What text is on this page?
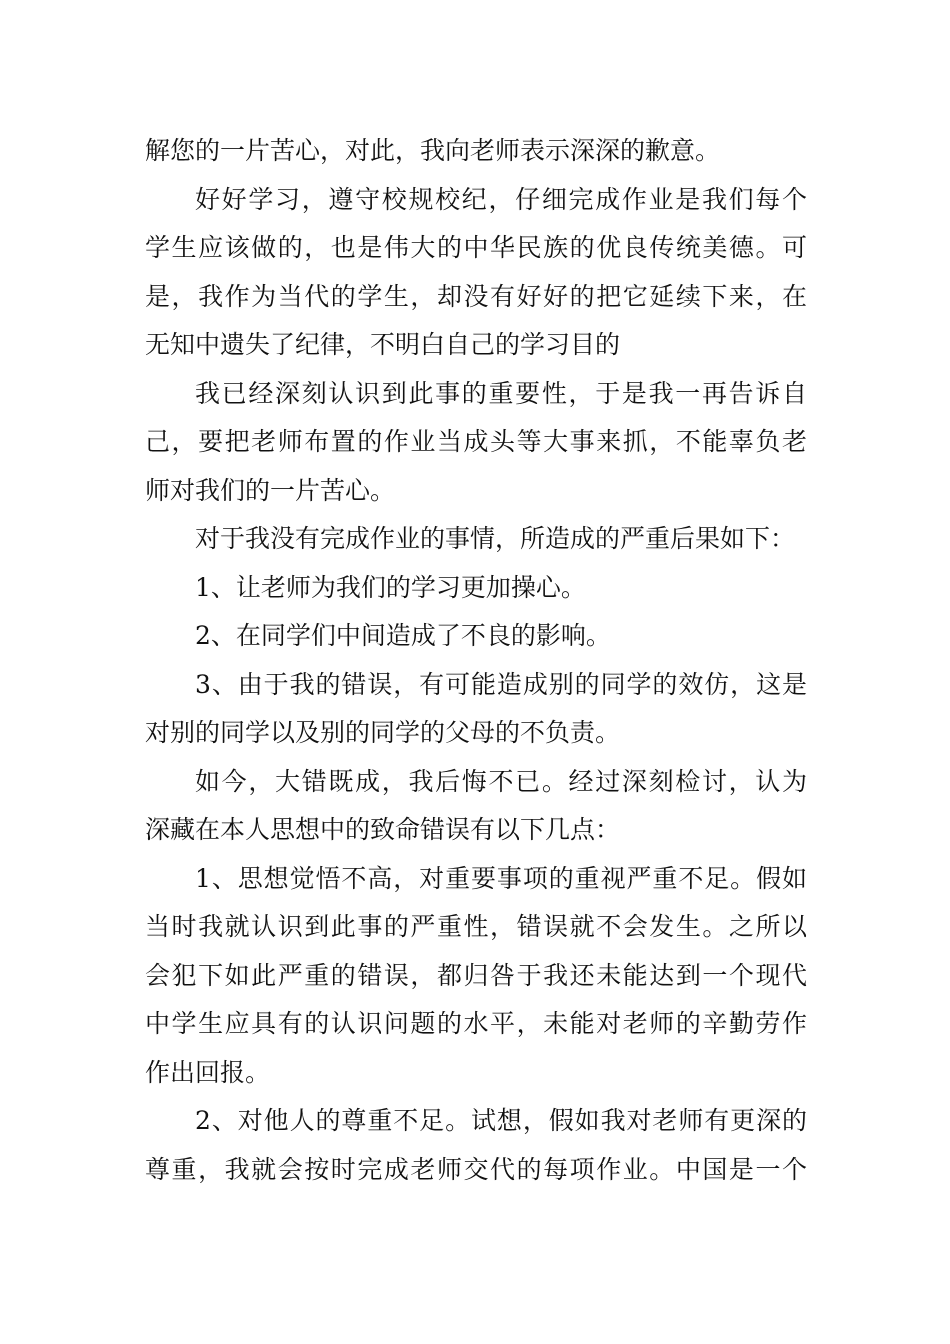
解您的一片苦心，对此，我向老师表示深深的歉意。

好好学习，遵守校规校纪，仔细完成作业是我们每个
学生应该做的，也是伟大的中华民族的优良传统美德。可
是，我作为当代的学生，却没有好好的把它延续下来，在
无知中遗失了纪律，不明白自己的学习目的

我已经深刻认识到此事的重要性，于是我一再告诉自
己，要把老师布置的作业当成头等大事来抓，不能辜负老
师对我们的一片苦心。

对于我没有完成作业的事情，所造成的严重后果如下：

1、让老师为我们的学习更加操心。

2、在同学们中间造成了不良的影响。

3、由于我的错误，有可能造成别的同学的效仿，这是
对别的同学以及别的同学的父母的不负责。

如今，大错既成，我后悔不已。经过深刻检讨，认为
深藏在本人思想中的致命错误有以下几点：

1、思想觉悟不高，对重要事项的重视严重不足。假如
当时我就认识到此事的严重性，错误就不会发生。之所以
会犯下如此严重的错误，都归咎于我还未能达到一个现代
中学生应具有的认识问题的水平，未能对老师的辛勤劳作
作出回报。

2、对他人的尊重不足。试想，假如我对老师有更深的
尊重，我就会按时完成老师交代的每项作业。中国是一个
